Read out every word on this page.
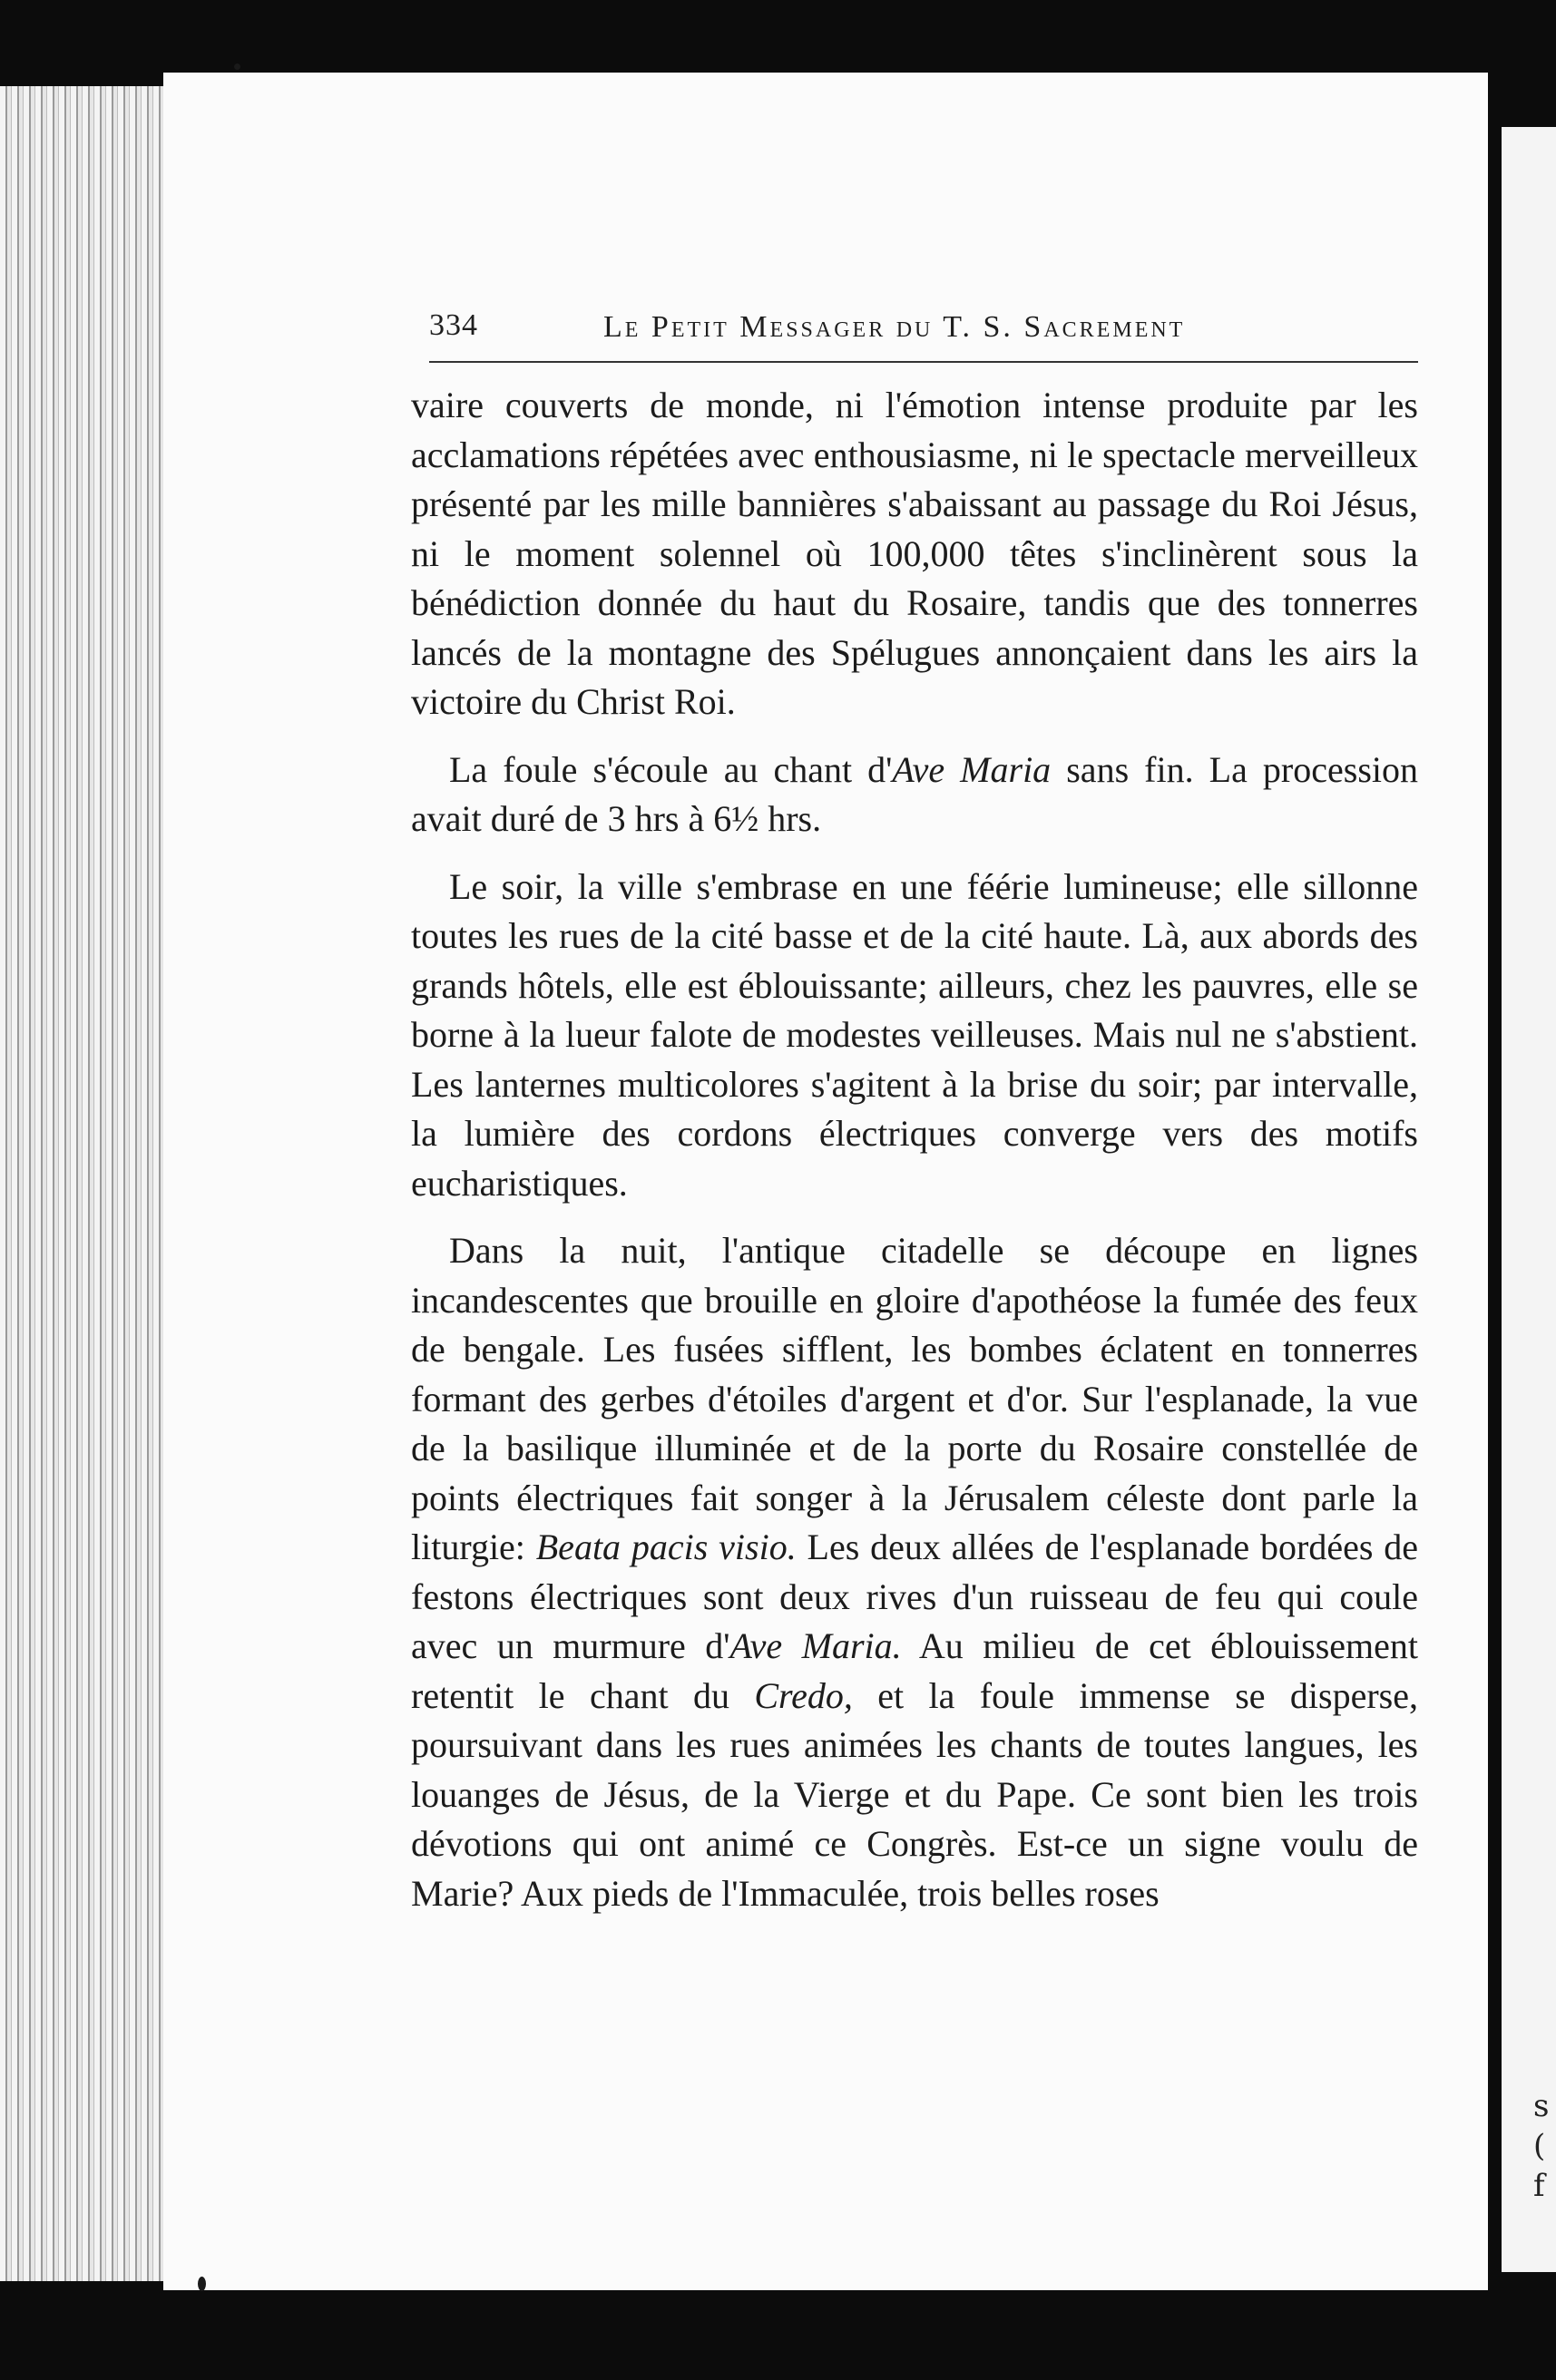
s ( f
334	Le Petit Messager du T. S. Sacrement

vaire couverts de monde, ni l'émotion intense produite par les acclamations répétées avec enthousiasme, ni le spectacle merveilleux présenté par les mille bannières s'abaissant au passage du Roi Jésus, ni le moment solennel où 100,000 têtes s'inclinèrent sous la bénédiction donnée du haut du Rosaire, tandis que des tonnerres lancés de la montagne des Spélugues annonçaient dans les airs la victoire du Christ Roi.

La foule s'écoule au chant d'Ave Maria sans fin. La procession avait duré de 3 hrs à 6½ hrs.

Le soir, la ville s'embrase en une féérie lumineuse; elle sillonne toutes les rues de la cité basse et de la cité haute. Là, aux abords des grands hôtels, elle est éblouissante; ailleurs, chez les pauvres, elle se borne à la lueur falote de modestes veilleuses. Mais nul ne s'abstient. Les lanternes multicolores s'agitent à la brise du soir; par intervalle, la lumière des cordons électriques converge vers des motifs eucharistiques.

Dans la nuit, l'antique citadelle se découpe en lignes incandescentes que brouille en gloire d'apothéose la fumée des feux de bengale. Les fusées sifflent, les bombes éclatent en tonnerres formant des gerbes d'étoiles d'argent et d'or. Sur l'esplanade, la vue de la basilique illuminée et de la porte du Rosaire constellée de points électriques fait songer à la Jérusalem céleste dont parle la liturgie: Beata pacis visio. Les deux allées de l'esplanade bordées de festons électriques sont deux rives d'un ruisseau de feu qui coule avec un murmure d'Ave Maria. Au milieu de cet éblouissement retentit le chant du Credo, et la foule immense se disperse, poursuivant dans les rues animées les chants de toutes langues, les louanges de Jésus, de la Vierge et du Pape. Ce sont bien les trois dévotions qui ont animé ce Congrès. Est-ce un signe voulu de Marie? Aux pieds de l'Immaculée, trois belles roses
